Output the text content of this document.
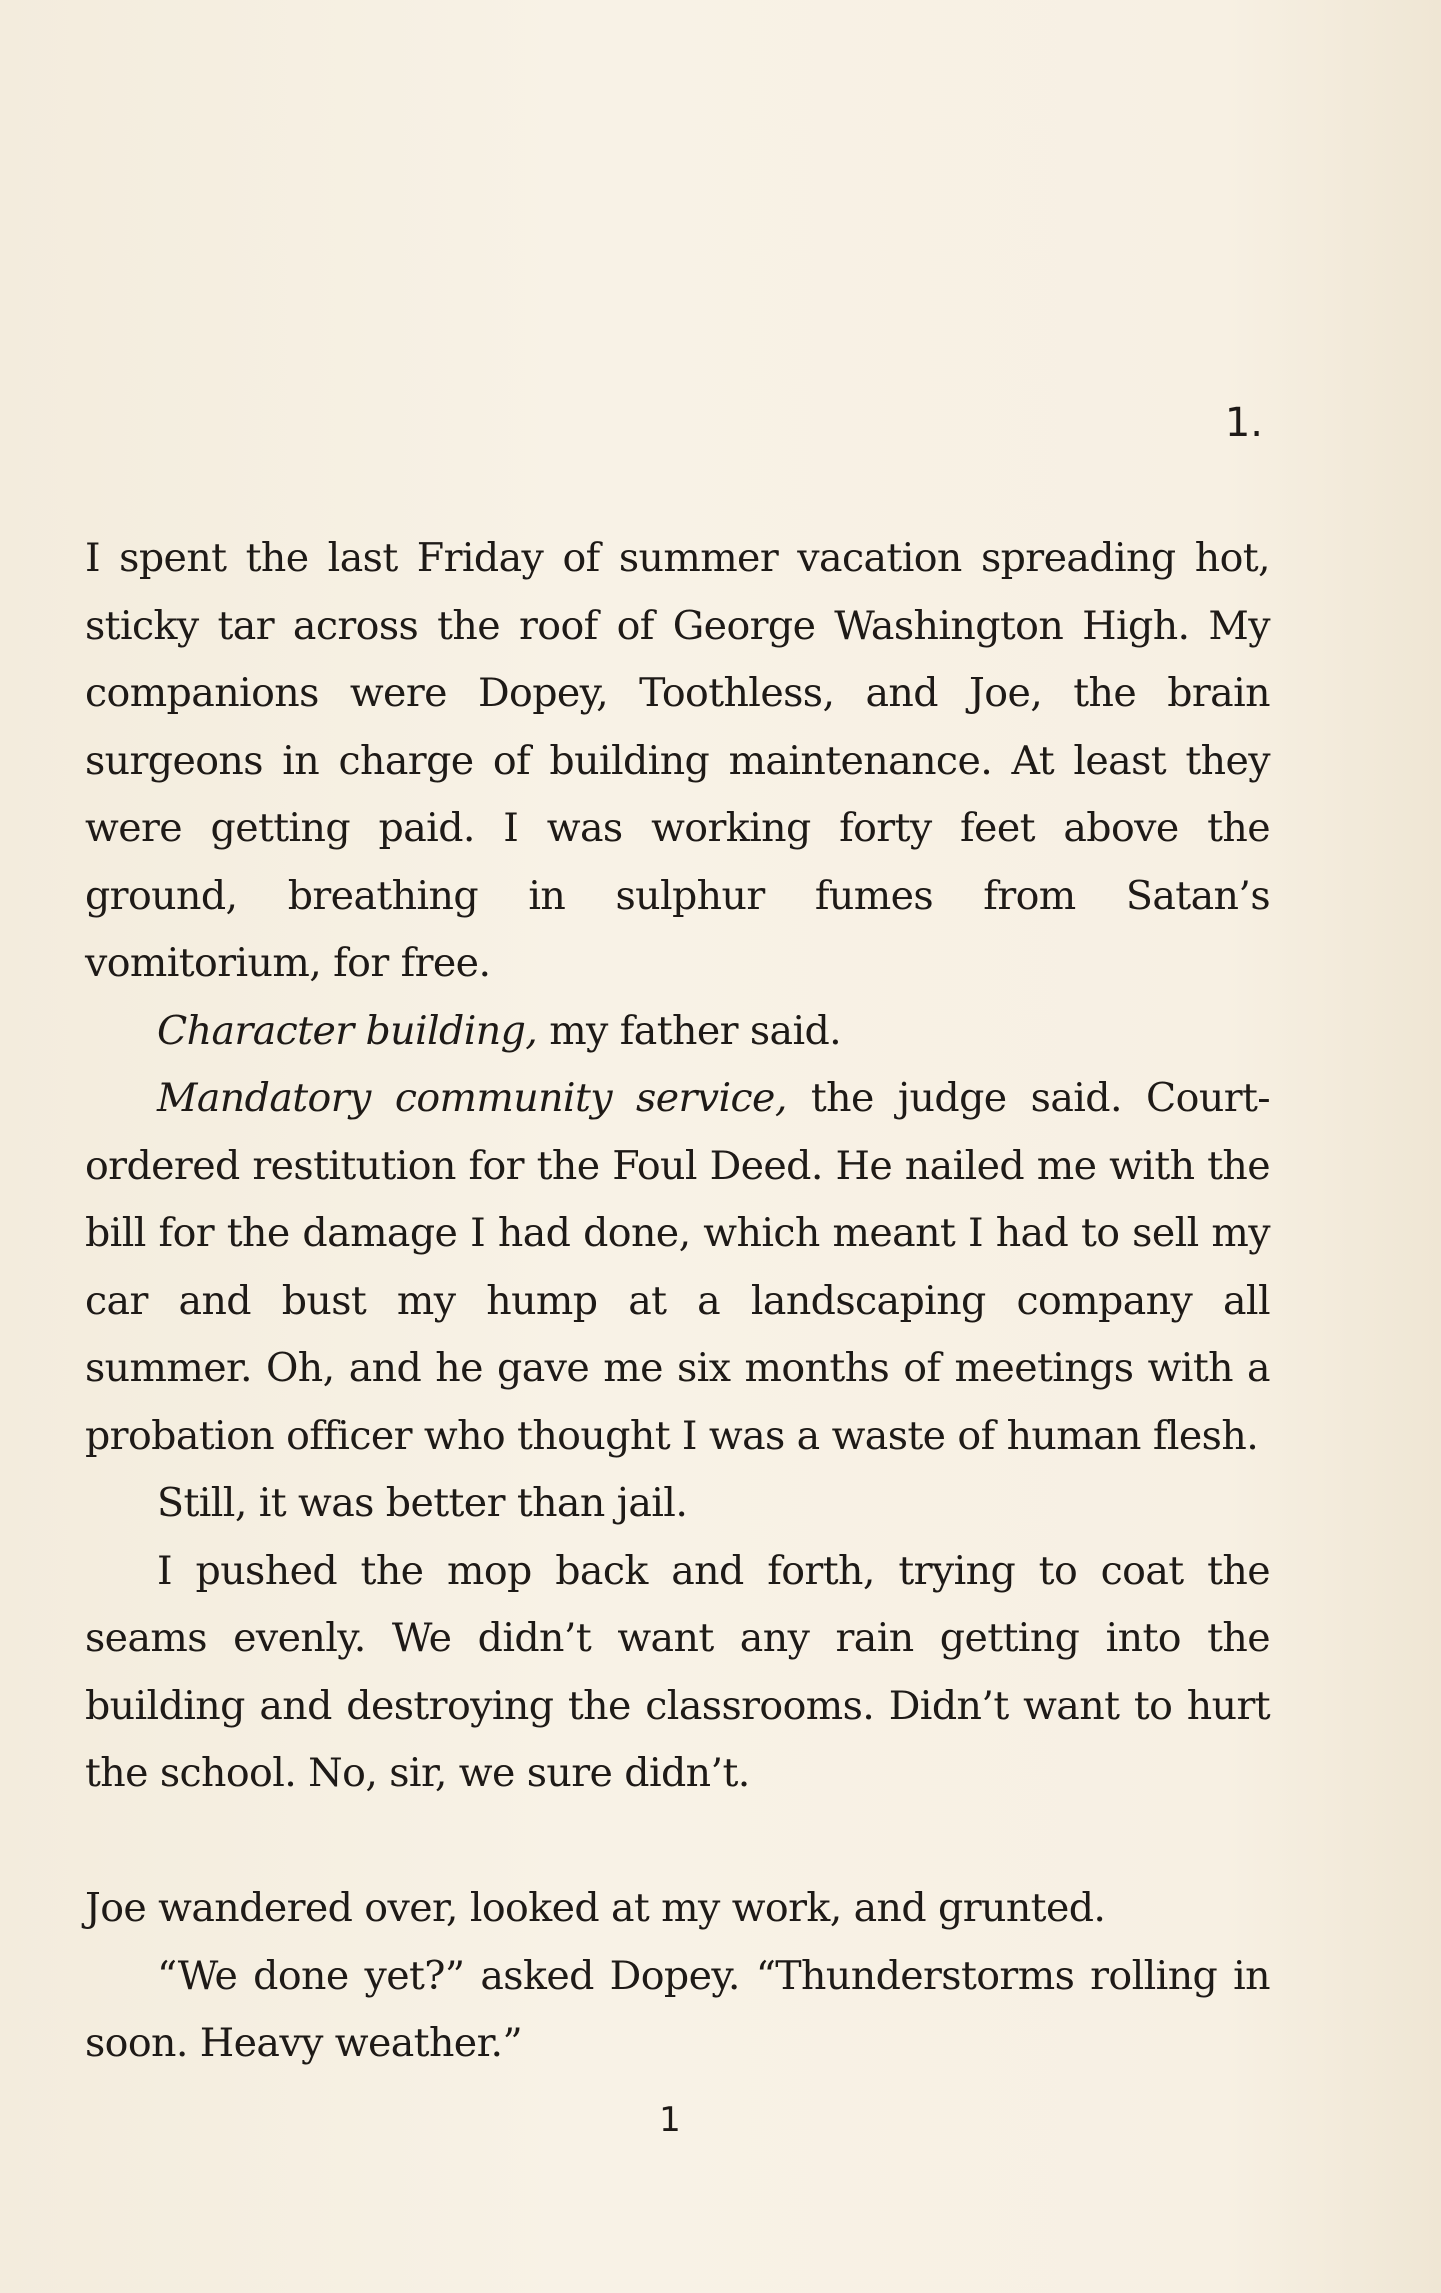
1.

I spent the last Friday of summer vacation spreading hot, sticky tar across the roof of George Washington High. My companions were Dopey, Toothless, and Joe, the brain surgeons in charge of building maintenance. At least they were getting paid. I was working forty feet above the ground, breathing in sulphur fumes from Satan’s vomitorium, for free.

Character building, my father said.

Mandatory community service, the judge said. Court-ordered restitution for the Foul Deed. He nailed me with the bill for the damage I had done, which meant I had to sell my car and bust my hump at a landscaping company all summer. Oh, and he gave me six months of meetings with a probation officer who thought I was a waste of human flesh.

Still, it was better than jail.

I pushed the mop back and forth, trying to coat the seams evenly. We didn’t want any rain getting into the building and destroying the classrooms. Didn’t want to hurt the school. No, sir, we sure didn’t.

Joe wandered over, looked at my work, and grunted.

“We done yet?” asked Dopey. “Thunderstorms rolling in soon. Heavy weather.”

1
